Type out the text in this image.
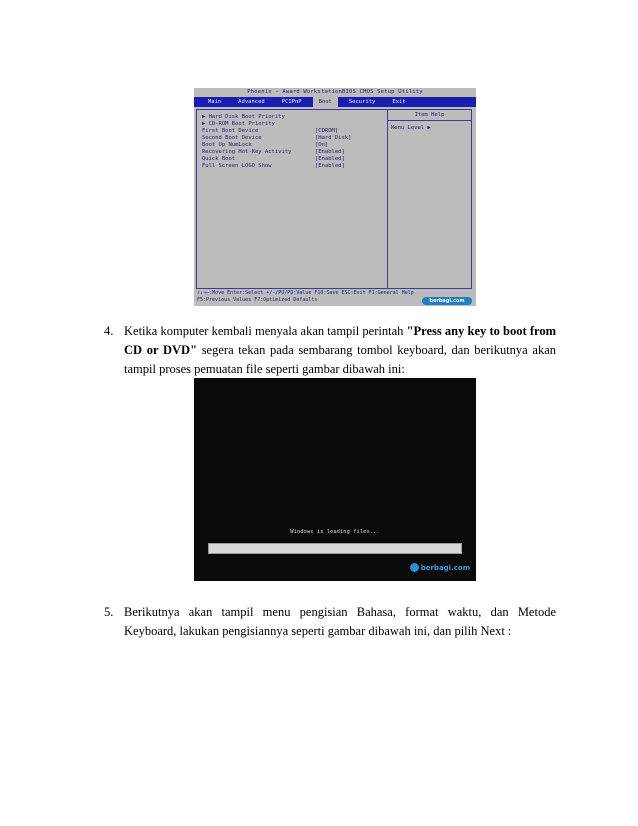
Phoenix - Award WorkstationBIOS CMOS Setup Utility
Main	Advanced	PCIPnP	Boot	Security	Exit
▶ Hard Disk Boot Priority
▶ CD-ROM Boot Priority
First Boot Device	[CDROM]
Second Boot Device	[Hard Disk]
Boot Up NumLock	[On]
Recovering Hot-Key Activity	[Enabled]
Quick Boot	[Enabled]
Full Screen LOGO Show	[Enabled]
Item Help
Menu Level ▶
↑↓→←:Move Enter:Select +/-/PU/PD:Value F10:Save ESC:Exit F1:General Help
F5:Previous Values F7:Optimized Defaults	berbagi.com
4. Ketika komputer kembali menyala akan tampil perintah "Press any key to boot from CD or DVD" segera tekan pada sembarang tombol keyboard, dan berikutnya akan tampil proses pemuatan file seperti gambar dibawah ini:

Windows is loading files...
berbagi.com
5. Berikutnya akan tampil menu pengisian Bahasa, format waktu, dan Metode Keyboard, lakukan pengisiannya seperti gambar dibawah ini, dan pilih Next :
